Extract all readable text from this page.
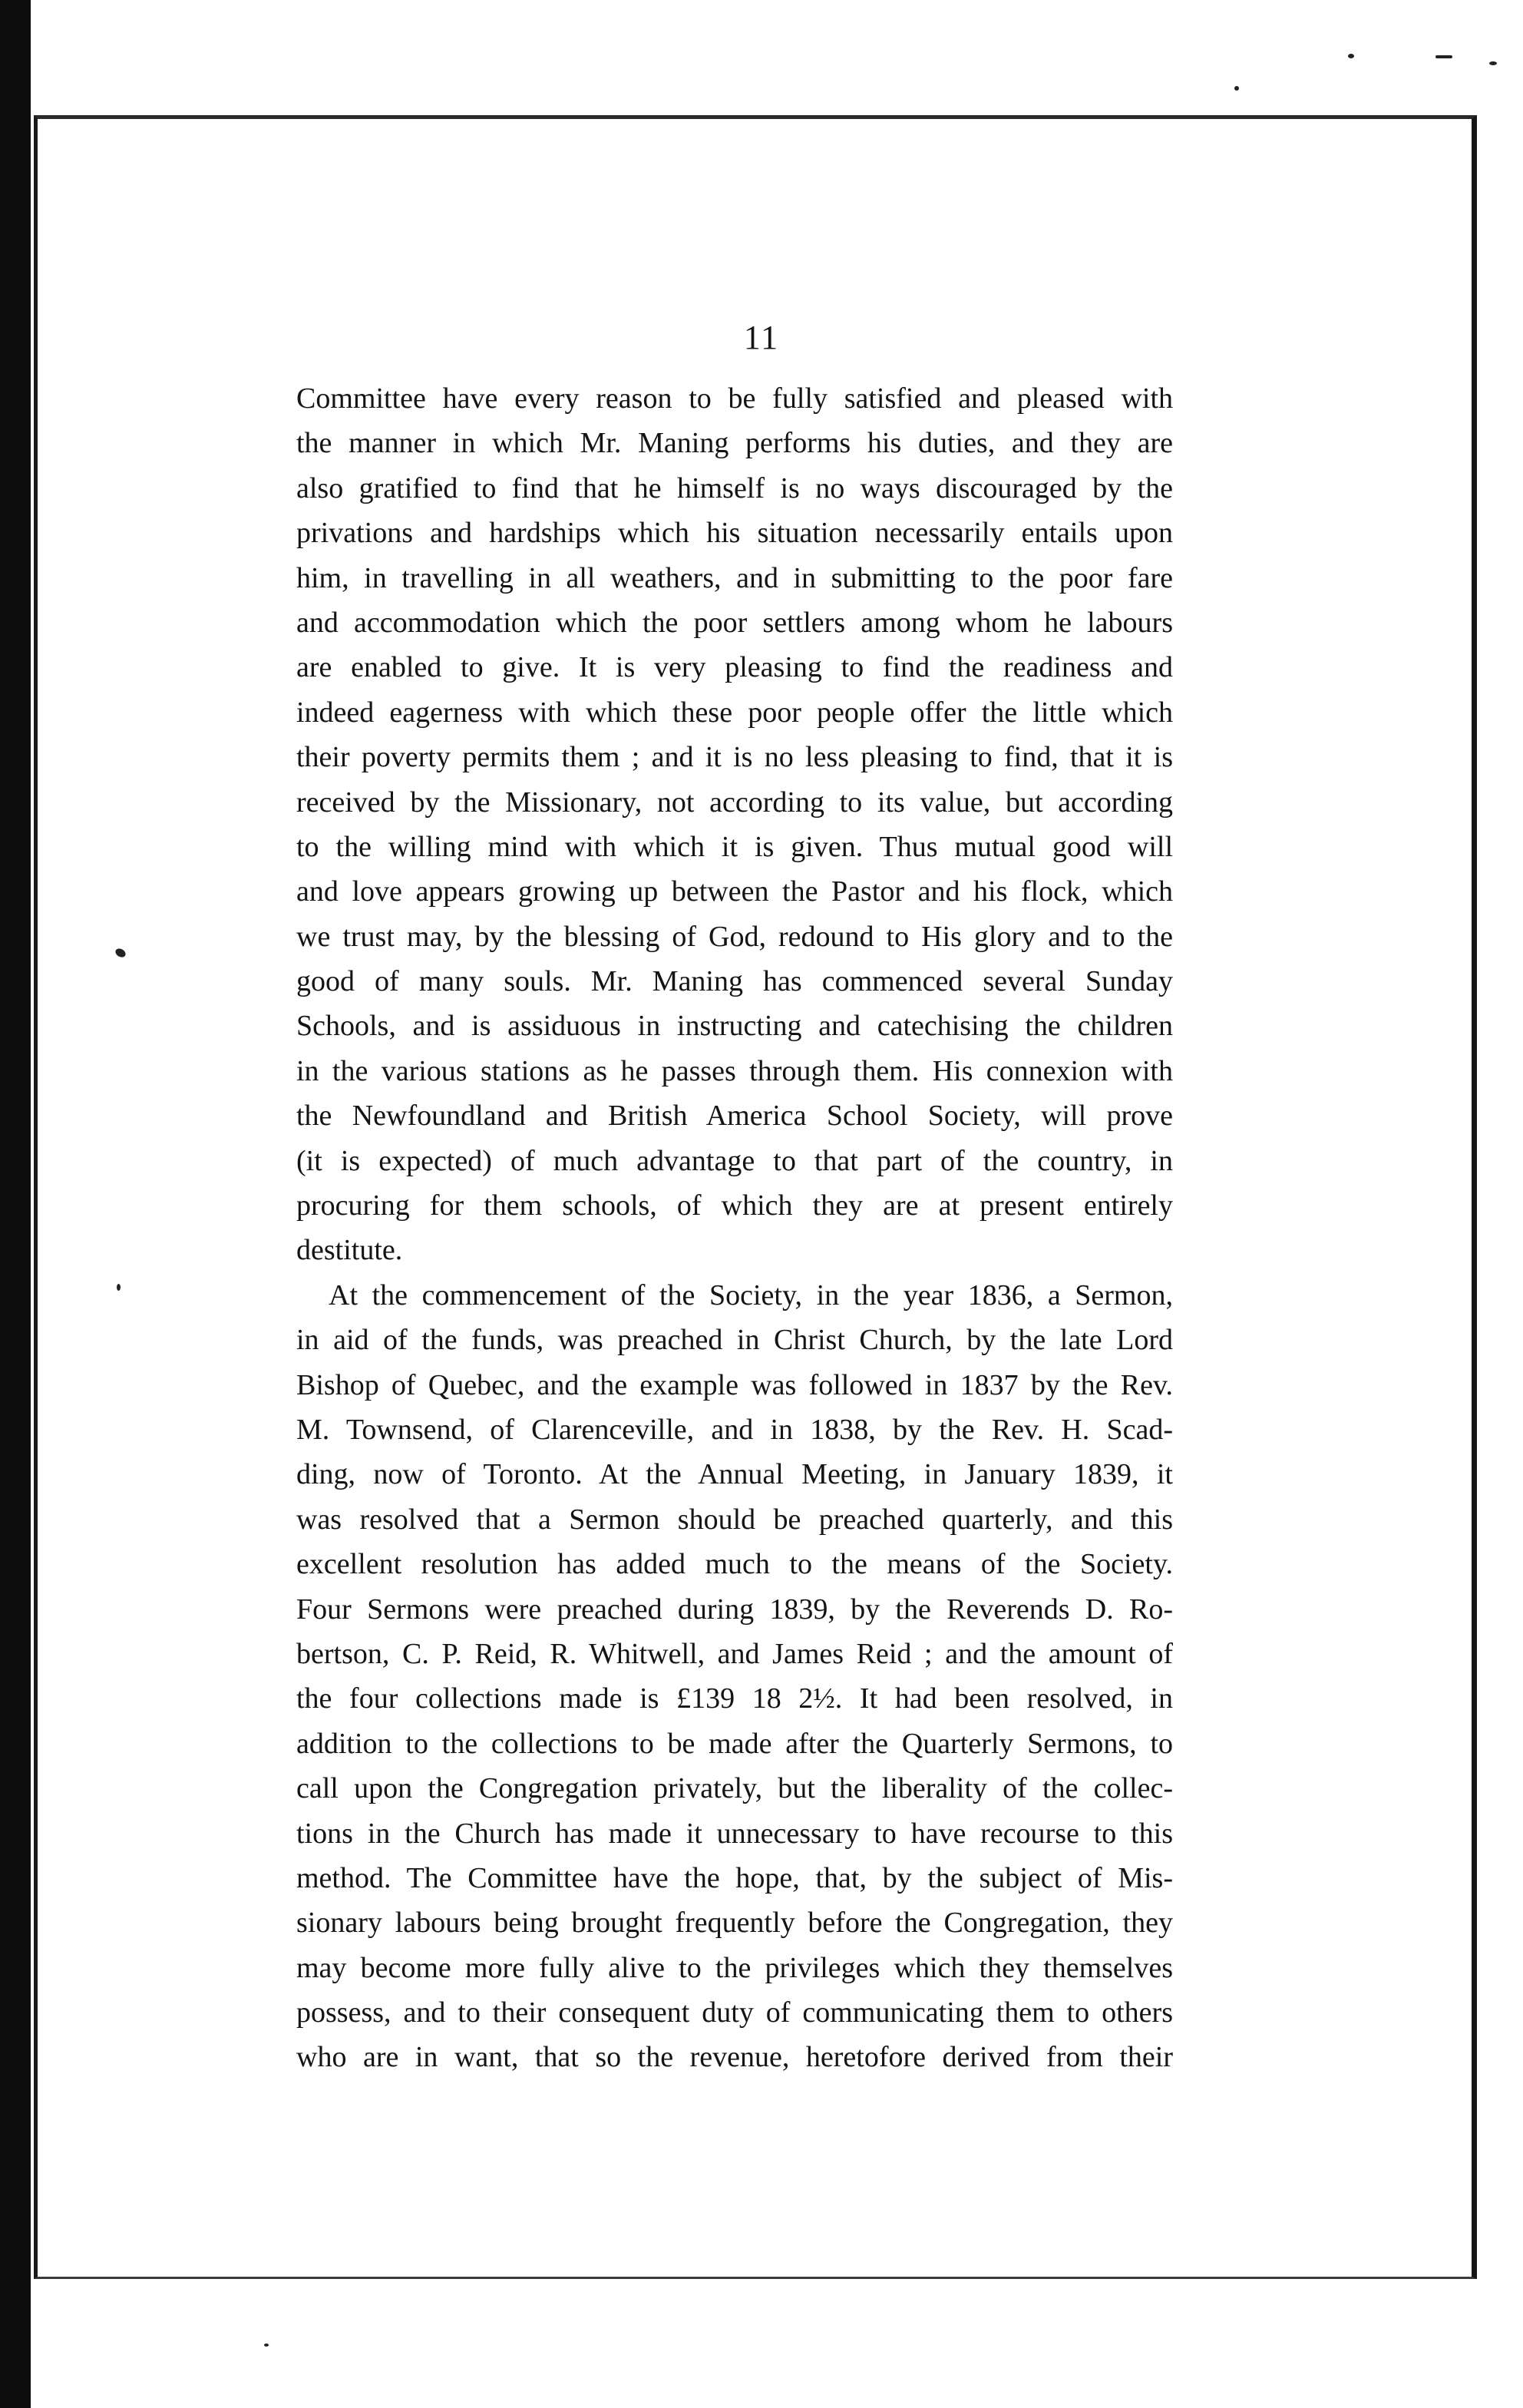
11
Committee have every reason to be fully satisfied and pleased with
the manner in which Mr. Maning performs his duties, and they are
also gratified to find that he himself is no ways discouraged by the
privations and hardships which his situation necessarily entails upon
him, in travelling in all weathers, and in submitting to the poor fare
and accommodation which the poor settlers among whom he labours
are enabled to give. It is very pleasing to find the readiness and
indeed eagerness with which these poor people offer the little which
their poverty permits them ; and it is no less pleasing to find, that it is
received by the Missionary, not according to its value, but according
to the willing mind with which it is given. Thus mutual good will
and love appears growing up between the Pastor and his flock, which
we trust may, by the blessing of God, redound to His glory and to the
good of many souls. Mr. Maning has commenced several Sunday
Schools, and is assiduous in instructing and catechising the children
in the various stations as he passes through them. His connexion with
the Newfoundland and British America School Society, will prove
(it is expected) of much advantage to that part of the country, in
procuring for them schools, of which they are at present entirely
destitute.
At the commencement of the Society, in the year 1836, a Sermon,
in aid of the funds, was preached in Christ Church, by the late Lord
Bishop of Quebec, and the example was followed in 1837 by the Rev.
M. Townsend, of Clarenceville, and in 1838, by the Rev. H. Scad-
ding, now of Toronto. At the Annual Meeting, in January 1839, it
was resolved that a Sermon should be preached quarterly, and this
excellent resolution has added much to the means of the Society.
Four Sermons were preached during 1839, by the Reverends D. Ro-
bertson, C. P. Reid, R. Whitwell, and James Reid ; and the amount of
the four collections made is £139 18 2½. It had been resolved, in
addition to the collections to be made after the Quarterly Sermons, to
call upon the Congregation privately, but the liberality of the collec-
tions in the Church has made it unnecessary to have recourse to this
method. The Committee have the hope, that, by the subject of Mis-
sionary labours being brought frequently before the Congregation, they
may become more fully alive to the privileges which they themselves
possess, and to their consequent duty of communicating them to others
who are in want, that so the revenue, heretofore derived from their
